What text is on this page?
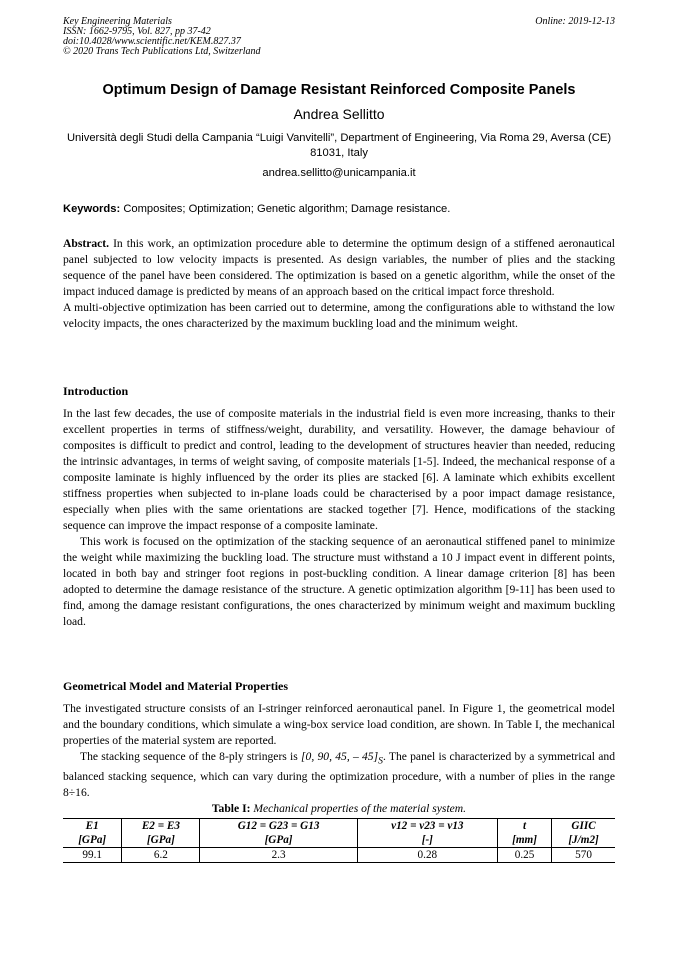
Key Engineering Materials
ISSN: 1662-9795, Vol. 827, pp 37-42
doi:10.4028/www.scientific.net/KEM.827.37
© 2020 Trans Tech Publications Ltd, Switzerland
Online: 2019-12-13
Optimum Design of Damage Resistant Reinforced Composite Panels
Andrea Sellitto
Università degli Studi della Campania “Luigi Vanvitelli”, Department of Engineering, Via Roma 29, Aversa (CE) 81031, Italy
andrea.sellitto@unicampania.it
Keywords: Composites; Optimization; Genetic algorithm; Damage resistance.

Abstract. In this work, an optimization procedure able to determine the optimum design of a stiffened aeronautical panel subjected to low velocity impacts is presented. As design variables, the number of plies and the stacking sequence of the panel have been considered. The optimization is based on a genetic algorithm, while the onset of the impact induced damage is predicted by means of an approach based on the critical impact force threshold.

A multi-objective optimization has been carried out to determine, among the configurations able to withstand the low velocity impacts, the ones characterized by the maximum buckling load and the minimum weight.

Introduction

In the last few decades, the use of composite materials in the industrial field is even more increasing, thanks to their excellent properties in terms of stiffness/weight, durability, and versatility. However, the damage behaviour of composites is difficult to predict and control, leading to the development of structures heavier than needed, reducing the intrinsic advantages, in terms of weight saving, of composite materials [1-5]. Indeed, the mechanical response of a composite laminate is highly influenced by the order its plies are stacked [6]. A laminate which exhibits excellent stiffness properties when subjected to in-plane loads could be characterised by a poor impact damage resistance, especially when plies with the same orientations are stacked together [7]. Hence, modifications of the stacking sequence can improve the impact response of a composite laminate.

This work is focused on the optimization of the stacking sequence of an aeronautical stiffened panel to minimize the weight while maximizing the buckling load. The structure must withstand a 10 J impact event in different points, located in both bay and stringer foot regions in post-buckling condition. A linear damage criterion [8] has been adopted to determine the damage resistance of the structure. A genetic optimization algorithm [9-11] has been used to find, among the damage resistant configurations, the ones characterized by minimum weight and maximum buckling load.

Geometrical Model and Material Properties

The investigated structure consists of an I-stringer reinforced aeronautical panel. In Figure 1, the geometrical model and the boundary conditions, which simulate a wing-box service load condition, are shown. In Table I, the mechanical properties of the material system are reported.

The stacking sequence of the 8-ply stringers is [0, 90, 45, – $45]_S$. The panel is characterized by a symmetrical and balanced stacking sequence, which can vary during the optimization procedure, with a number of plies in the range 8÷16.

Table I: Mechanical properties of the material system.
E1	E2 = E3	G12 = G23 = G13	v12 = v23 = v13	t	GIIC
[GPa]	[GPa]	[GPa]	[-]	[mm]	[J/m2]
99.1	6.2	2.3	0.28	0.25	570
